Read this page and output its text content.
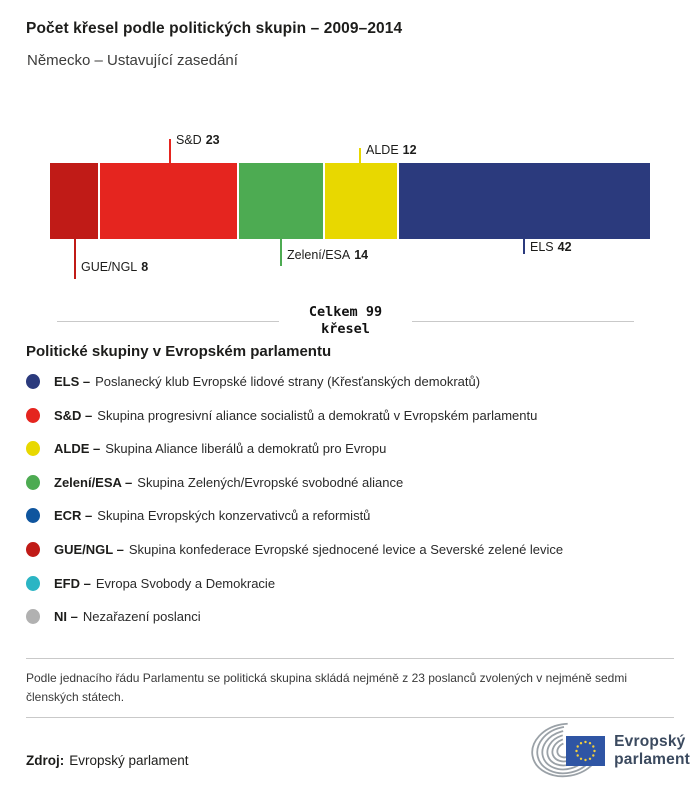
Počet křesel podle politických skupin – 2009–2014
Německo – Ustavující zasedání
S&D 23
ALDE 12
GUE/NGL 8
Zelení/ESA 14
ELS 42
Celkem 99
křesel
Politické skupiny v Evropském parlamentu
ELS – Poslanecký klub Evropské lidové strany (Křesťanských demokratů)
S&D – Skupina progresivní aliance socialistů a demokratů v Evropském parlamentu
ALDE – Skupina Aliance liberálů a demokratů pro Evropu
Zelení/ESA – Skupina Zelených/Evropské svobodné aliance
ECR – Skupina Evropských konzervativců a reformistů
GUE/NGL – Skupina konfederace Evropské sjednocené levice a Severské zelené levice
EFD – Evropa Svobody a Demokracie
NI – Nezařazení poslanci
Podle jednacího řádu Parlamentu se politická skupina skládá nejméně z 23 poslanců zvolených v nejméně sedmi členských státech.
Zdroj: Evropský parlament
Evropský
parlament
